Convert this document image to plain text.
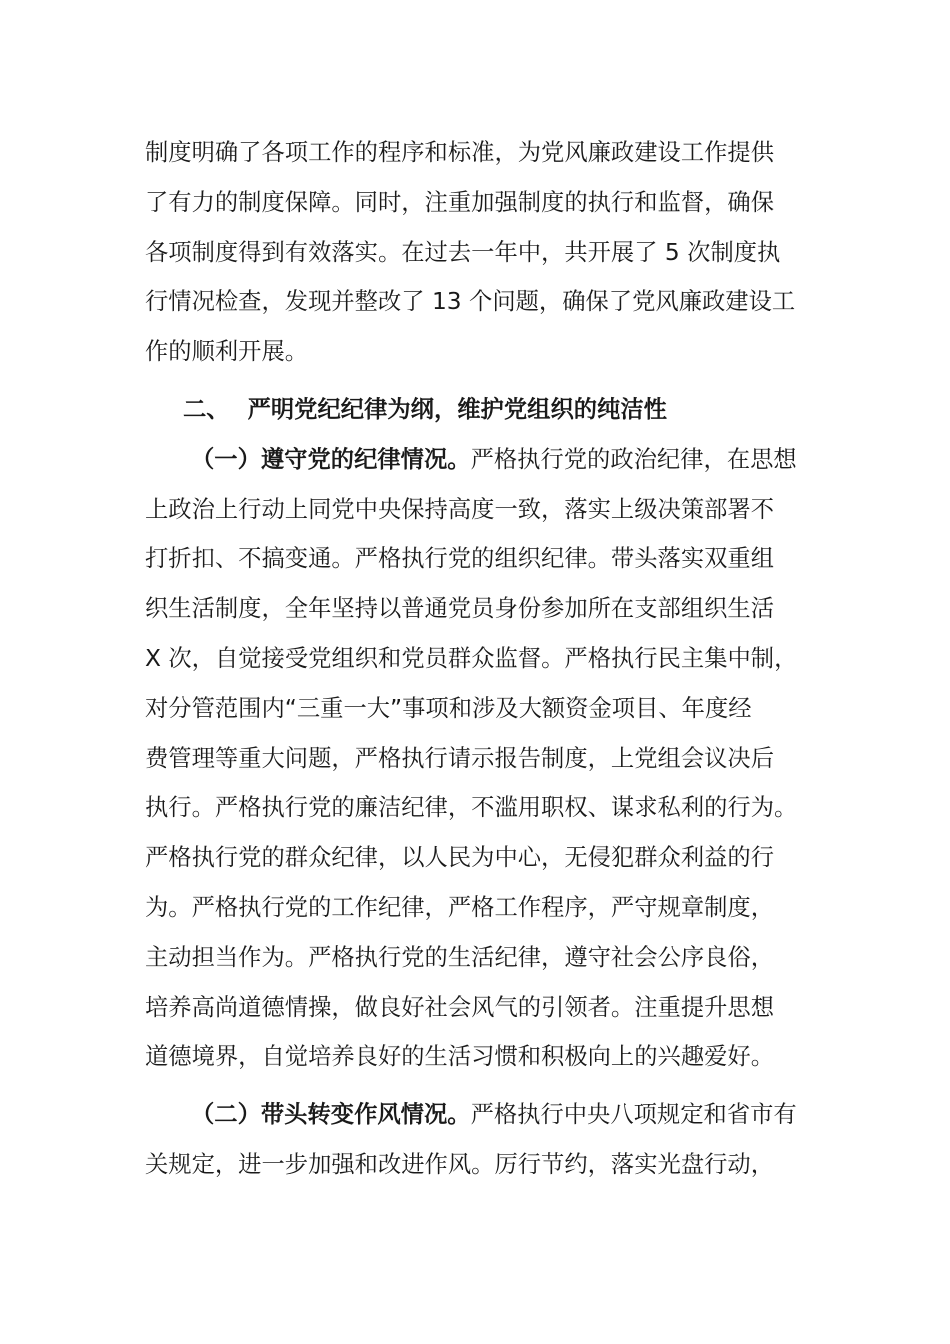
制度明确了各项工作的程序和标准，为党风廉政建设工作提供
了有力的制度保障。同时，注重加强制度的执行和监督，确保
各项制度得到有效落实。在过去一年中，共开展了 5 次制度执
行情况检查，发现并整改了 13 个问题，确保了党风廉政建设工
作的顺利开展。
二、 严明党纪纪律为纲，维护党组织的纯洁性
（一）遵守党的纪律情况。严格执行党的政治纪律，在思想
上政治上行动上同党中央保持高度一致，落实上级决策部署不
打折扣、不搞变通。严格执行党的组织纪律。带头落实双重组
织生活制度，全年坚持以普通党员身份参加所在支部组织生活
X 次，自觉接受党组织和党员群众监督。严格执行民主集中制，
对分管范围内“三重一大”事项和涉及大额资金项目、年度经
费管理等重大问题，严格执行请示报告制度，上党组会议决后
执行。严格执行党的廉洁纪律，不滥用职权、谋求私利的行为。
严格执行党的群众纪律，以人民为中心，无侵犯群众利益的行
为。严格执行党的工作纪律，严格工作程序，严守规章制度，
主动担当作为。严格执行党的生活纪律，遵守社会公序良俗，
培养高尚道德情操，做良好社会风气的引领者。注重提升思想
道德境界，自觉培养良好的生活习惯和积极向上的兴趣爱好。
（二）带头转变作风情况。严格执行中央八项规定和省市有
关规定，进一步加强和改进作风。厉行节约，落实光盘行动，
